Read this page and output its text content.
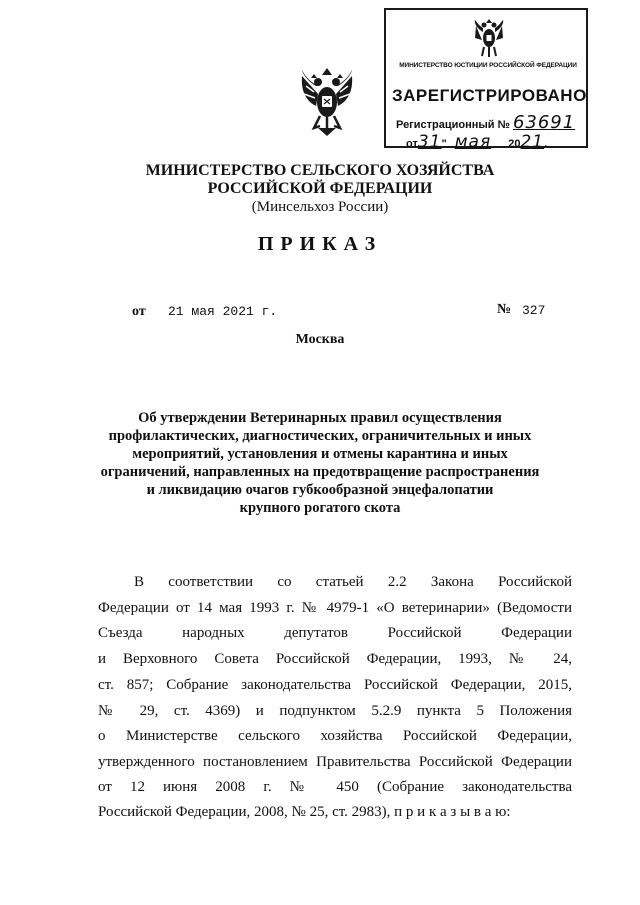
МИНИСТЕРСТВО ЮСТИЦИИ РОССИЙСКОЙ ФЕДЕРАЦИИ
ЗАРЕГИСТРИРОВАНО
Регистрационный № 63691
от31" мая 2021.
МИНИСТЕРСТВО СЕЛЬСКОГО ХОЗЯЙСТВА
РОССИЙСКОЙ ФЕДЕРАЦИИ
(Минсельхоз России)
ПРИКАЗ
от 21 мая 2021 г.	№ 327
Москва
Об утверждении Ветеринарных правил осуществления
профилактических, диагностических, ограничительных и иных
мероприятий, установления и отмены карантина и иных
ограничений, направленных на предотвращение распространения
и ликвидацию очагов губкообразной энцефалопатии
крупного рогатого скота
В соответствии со статьей 2.2 Закона Российской
Федерации от 14 мая 1993 г. № 4979-1 «О ветеринарии» (Ведомости
Съезда народных депутатов Российской Федерации
и Верховного Совета Российской Федерации, 1993, № 24,
ст. 857; Собрание законодательства Российской Федерации, 2015,
№ 29, ст. 4369) и подпунктом 5.2.9 пункта 5 Положения
о Министерстве сельского хозяйства Российской Федерации,
утвержденного постановлением Правительства Российской Федерации
от 12 июня 2008 г. № 450 (Собрание законодательства
Российской Федерации, 2008, № 25, ст. 2983), п р и к а з ы в а ю:
